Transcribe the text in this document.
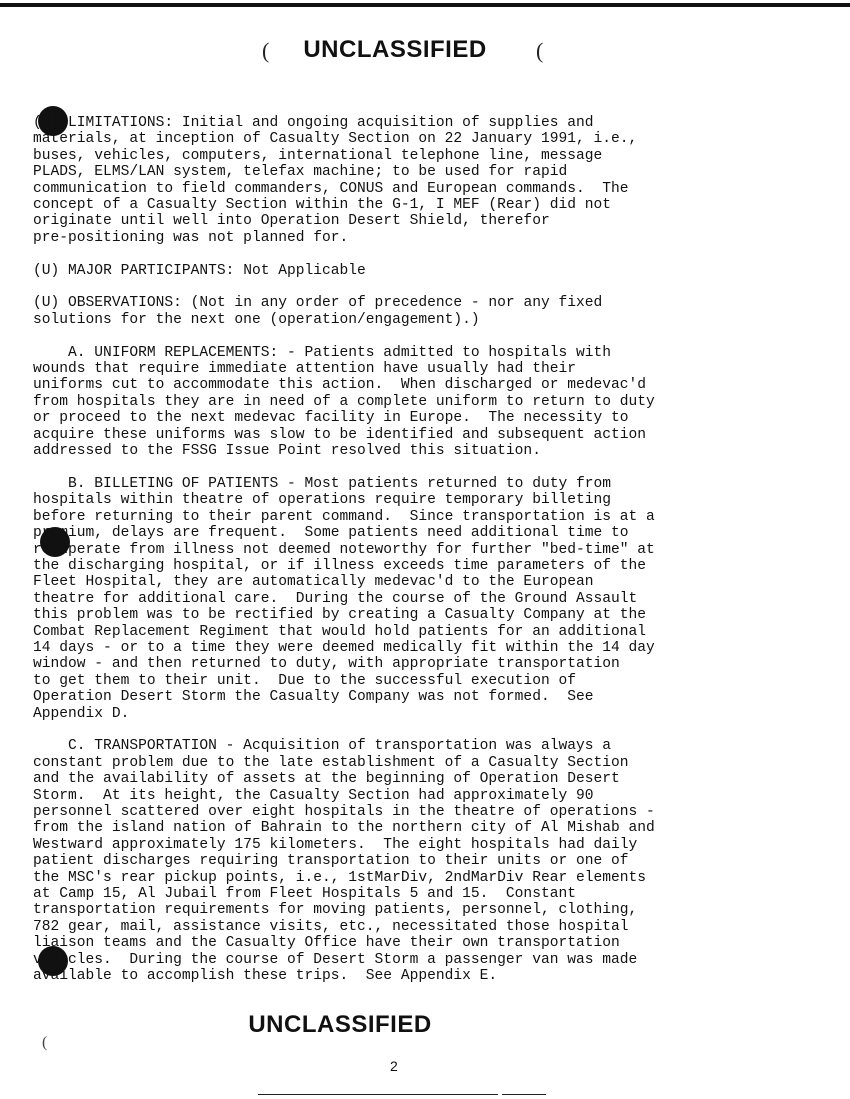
(	UNCLASSIFIED	(
(U) LIMITATIONS: Initial and ongoing acquisition of supplies and
materials, at inception of Casualty Section on 22 January 1991, i.e.,
buses, vehicles, computers, international telephone line, message
PLADS, ELMS/LAN system, telefax machine; to be used for rapid
communication to field commanders, CONUS and European commands.  The
concept of a Casualty Section within the G-1, I MEF (Rear) did not
originate until well into Operation Desert Shield, therefor
pre-positioning was not planned for.
(U) MAJOR PARTICIPANTS: Not Applicable
(U) OBSERVATIONS: (Not in any order of precedence - nor any fixed
solutions for the next one (operation/engagement).)
A. UNIFORM REPLACEMENTS: - Patients admitted to hospitals with
wounds that require immediate attention have usually had their
uniforms cut to accommodate this action.  When discharged or medevac'd
from hospitals they are in need of a complete uniform to return to duty
or proceed to the next medevac facility in Europe.  The necessity to
acquire these uniforms was slow to be identified and subsequent action
addressed to the FSSG Issue Point resolved this situation.
B. BILLETING OF PATIENTS - Most patients returned to duty from
hospitals within theatre of operations require temporary billeting
before returning to their parent command.  Since transportation is at a
premium, delays are frequent.  Some patients need additional time to
recuperate from illness not deemed noteworthy for further "bed-time" at
the discharging hospital, or if illness exceeds time parameters of the
Fleet Hospital, they are automatically medevac'd to the European
theatre for additional care.  During the course of the Ground Assault
this problem was to be rectified by creating a Casualty Company at the
Combat Replacement Regiment that would hold patients for an additional
14 days - or to a time they were deemed medically fit within the 14 day
window - and then returned to duty, with appropriate transportation
to get them to their unit.  Due to the successful execution of
Operation Desert Storm the Casualty Company was not formed.  See
Appendix D.
C. TRANSPORTATION - Acquisition of transportation was always a
constant problem due to the late establishment of a Casualty Section
and the availability of assets at the beginning of Operation Desert
Storm.  At its height, the Casualty Section had approximately 90
personnel scattered over eight hospitals in the theatre of operations -
from the island nation of Bahrain to the northern city of Al Mishab and
Westward approximately 175 kilometers.  The eight hospitals had daily
patient discharges requiring transportation to their units or one of
the MSC's rear pickup points, i.e., 1stMarDiv, 2ndMarDiv Rear elements
at Camp 15, Al Jubail from Fleet Hospitals 5 and 15.  Constant
transportation requirements for moving patients, personnel, clothing,
782 gear, mail, assistance visits, etc., necessitated those hospital
liaison teams and the Casualty Office have their own transportation
vehicles.  During the course of Desert Storm a passenger van was made
available to accomplish these trips.  See Appendix E.
UNCLASSIFIED
(
2
